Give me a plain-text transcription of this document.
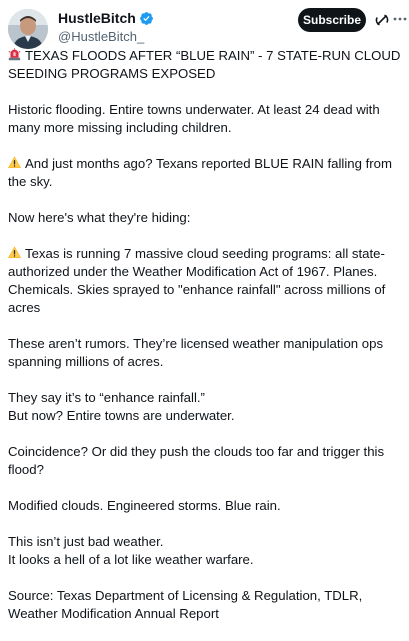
HustleBitch
@HustleBitch_
Subscribe

TEXAS FLOODS AFTER “BLUE RAIN” - 7 STATE-RUN CLOUD SEEDING PROGRAMS EXPOSED

Historic flooding. Entire towns underwater. At least 24 dead with many more missing including children.

And just months ago? Texans reported BLUE RAIN falling from the sky.

Now here's what they're hiding:

Texas is running 7 massive cloud seeding programs: all state-authorized under the Weather Modification Act of 1967. Planes. Chemicals. Skies sprayed to "enhance rainfall" across millions of acres

These aren’t rumors. They’re licensed weather manipulation ops spanning millions of acres.

They say it’s to “enhance rainfall.”
But now? Entire towns are underwater.

Coincidence? Or did they push the clouds too far and trigger this flood?

Modified clouds. Engineered storms. Blue rain.

This isn’t just bad weather.
It looks a hell of a lot like weather warfare.

Source: Texas Department of Licensing & Regulation, TDLR, Weather Modification Annual Report
